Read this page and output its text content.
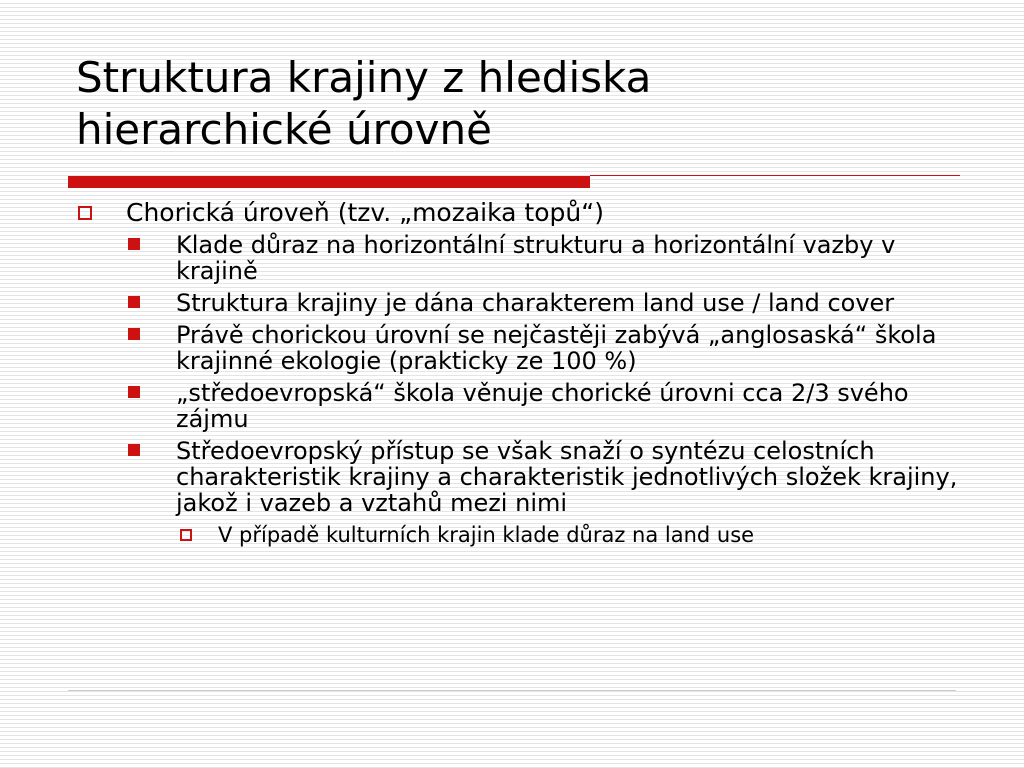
Struktura krajiny z hlediska
hierarchické úrovně
Chorická úroveň (tzv. „mozaika topů“)
Klade důraz na horizontální strukturu a horizontální vazby v krajině
Struktura krajiny je dána charakterem land use / land cover
Právě chorickou úrovní se nejčastěji zabývá „anglosaská“ škola krajinné ekologie (prakticky ze 100 %)
„středoevropská“ škola věnuje chorické úrovni cca 2/3 svého zájmu
Středoevropský přístup se však snaží o syntézu celostních charakteristik krajiny a charakteristik jednotlivých složek krajiny, jakož i vazeb a vztahů mezi nimi
V případě kulturních krajin klade důraz na land use
